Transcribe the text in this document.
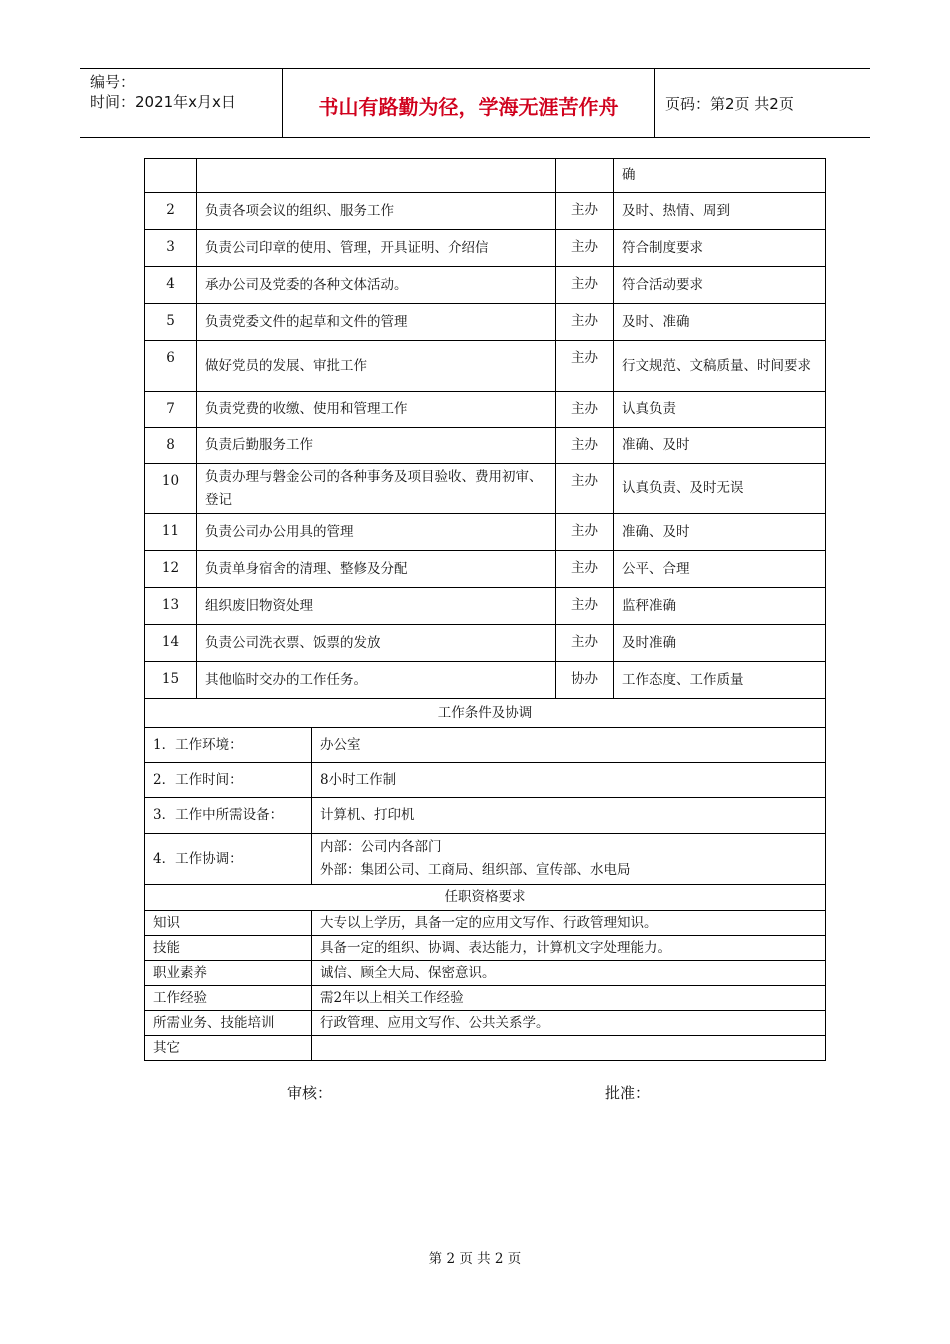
编号：
时间：2021年x月x日	书山有路勤为径，学海无涯苦作舟	页码：第2页 共2页
				确
2	负责各项会议的组织、服务工作		主办	及时、热情、周到
3	负责公司印章的使用、管理，开具证明、介绍信		主办	符合制度要求
4	承办公司及党委的各种文体活动。		主办	符合活动要求
5	负责党委文件的起草和文件的管理		主办	及时、准确
6	做好党员的发展、审批工作		主办	行文规范、文稿质量、时间要求
7	负责党费的收缴、使用和管理工作		主办	认真负责
8	负责后勤服务工作		主办	准确、及时
10	负责办理与磐金公司的各种事务及项目验收、费用初审、登记		主办	认真负责、及时无误
11	负责公司办公用具的管理		主办	准确、及时
12	负责单身宿舍的清理、整修及分配		主办	公平、合理
13	组织废旧物资处理		主办	监秤准确
14	负责公司洗衣票、饭票的发放		主办	及时准确
15	其他临时交办的工作任务。		协办	工作态度、工作质量
工作条件及协调				
1．工作环境：		办公室		
2．工作时间：		8小时工作制		
3．工作中所需设备：		计算机、打印机		
4．工作协调：		内部：公司内各部门
外部：集团公司、工商局、组织部、宣传部、水电局		

任职资格要求				
知识		大专以上学历，具备一定的应用文写作、行政管理知识。		
技能		具备一定的组织、协调、表达能力，计算机文字处理能力。		
职业素养		诚信、顾全大局、保密意识。		
工作经验		需2年以上相关工作经验		
所需业务、技能培训		行政管理、应用文写作、公共关系学。		
其它				
审核：	批准：
第 2 页 共 2 页
